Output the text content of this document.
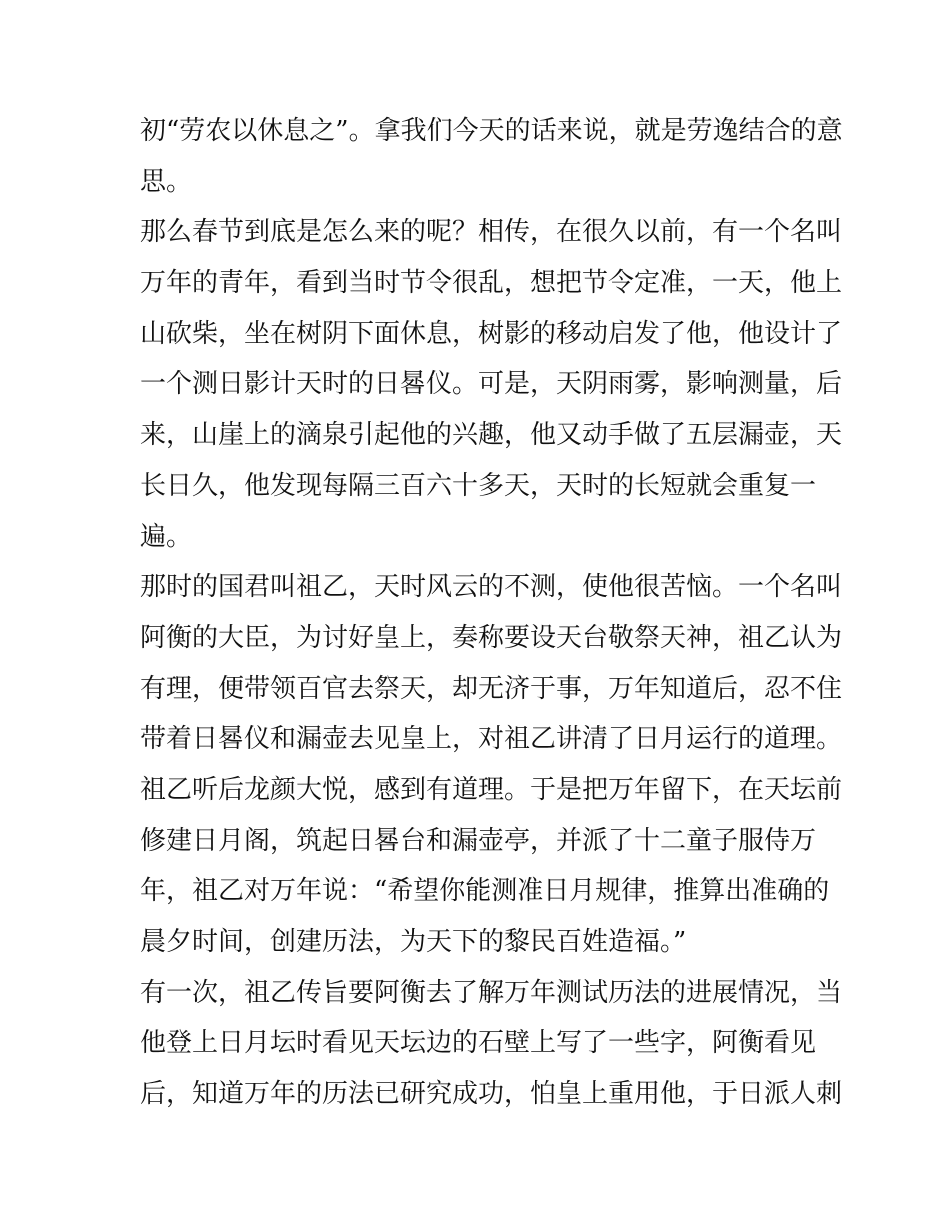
初“劳农以休息之”。拿我们今天的话来说，就是劳逸结合的意
思。
那么春节到底是怎么来的呢？相传，在很久以前，有一个名叫
万年的青年，看到当时节令很乱，想把节令定准，一天，他上
山砍柴，坐在树阴下面休息，树影的移动启发了他，他设计了
一个测日影计天时的日晷仪。可是，天阴雨雾，影响测量，后
来，山崖上的滴泉引起他的兴趣，他又动手做了五层漏壶，天
长日久，他发现每隔三百六十多天，天时的长短就会重复一
遍。
那时的国君叫祖乙，天时风云的不测，使他很苦恼。一个名叫
阿衡的大臣，为讨好皇上，奏称要设天台敬祭天神，祖乙认为
有理，便带领百官去祭天，却无济于事，万年知道后，忍不住
带着日晷仪和漏壶去见皇上，对祖乙讲清了日月运行的道理。
祖乙听后龙颜大悦，感到有道理。于是把万年留下，在天坛前
修建日月阁，筑起日晷台和漏壶亭，并派了十二童子服侍万
年，祖乙对万年说：“希望你能测准日月规律，推算出准确的
晨夕时间，创建历法，为天下的黎民百姓造福。”
有一次，祖乙传旨要阿衡去了解万年测试历法的进展情况，当
他登上日月坛时看见天坛边的石壁上写了一些字，阿衡看见
后，知道万年的历法已研究成功，怕皇上重用他，于日派人刺
